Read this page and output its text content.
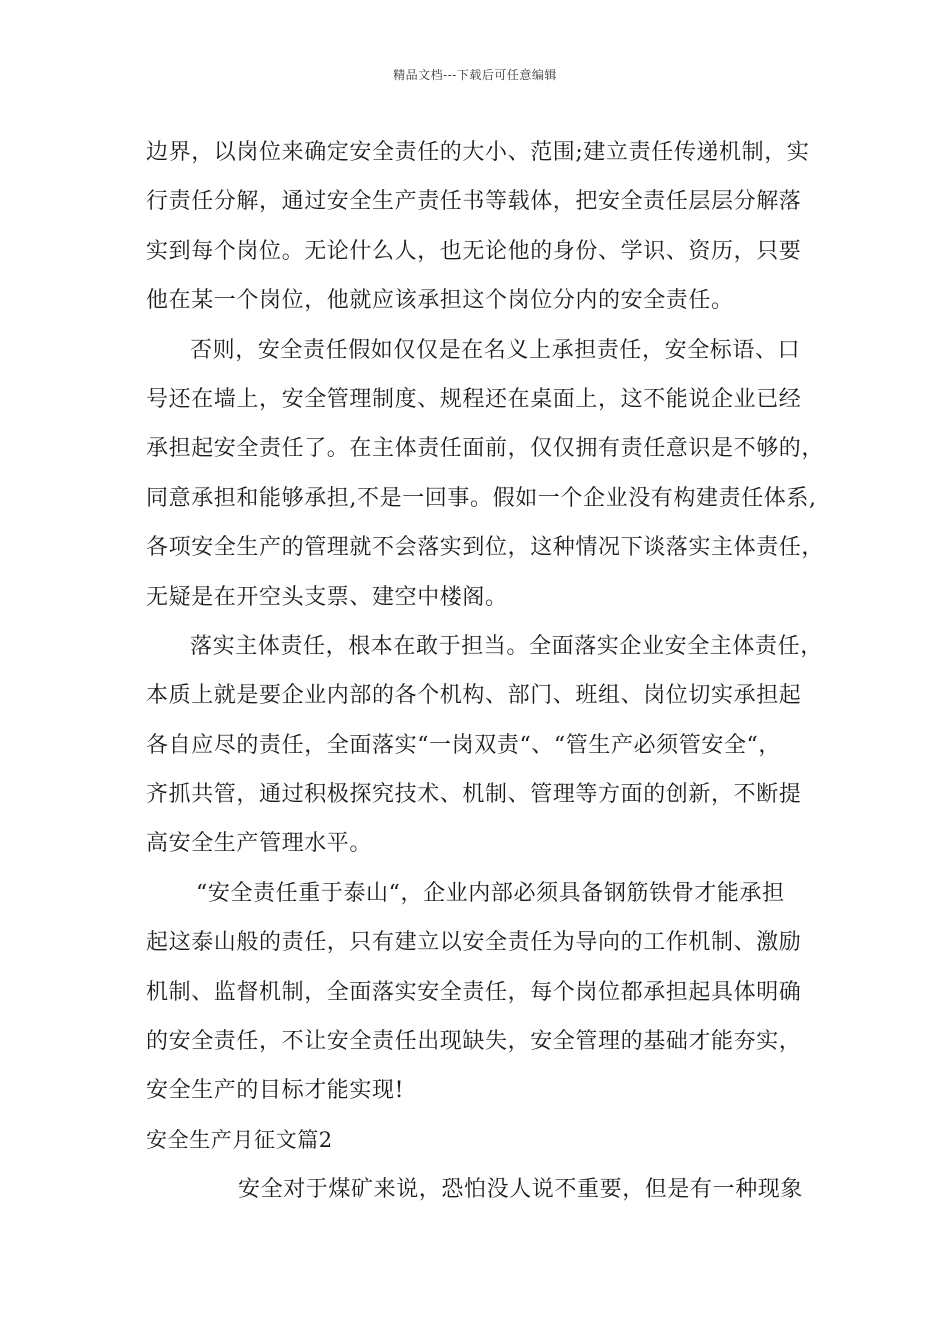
精品文档---下载后可任意编辑
边界，以岗位来确定安全责任的大小、范围;建立责任传递机制，实
行责任分解，通过安全生产责任书等载体，把安全责任层层分解落
实到每个岗位。无论什么人，也无论他的身份、学识、资历，只要
他在某一个岗位，他就应该承担这个岗位分内的安全责任。
否则，安全责任假如仅仅是在名义上承担责任，安全标语、口
号还在墙上，安全管理制度、规程还在桌面上，这不能说企业已经
承担起安全责任了。在主体责任面前，仅仅拥有责任意识是不够的，
同意承担和能够承担,不是一回事。假如一个企业没有构建责任体系,
各项安全生产的管理就不会落实到位，这种情况下谈落实主体责任，
无疑是在开空头支票、建空中楼阁。
落实主体责任，根本在敢于担当。全面落实企业安全主体责任，
本质上就是要企业内部的各个机构、部门、班组、岗位切实承担起
各自应尽的责任，全面落实“一岗双责“、“管生产必须管安全“，
齐抓共管，通过积极探究技术、机制、管理等方面的创新，不断提
高安全生产管理水平。
“安全责任重于泰山“，企业内部必须具备钢筋铁骨才能承担
起这泰山般的责任，只有建立以安全责任为导向的工作机制、激励
机制、监督机制，全面落实安全责任，每个岗位都承担起具体明确
的安全责任，不让安全责任出现缺失，安全管理的基础才能夯实，
安全生产的目标才能实现!
安全生产月征文篇2
安全对于煤矿来说，恐怕没人说不重要，但是有一种现象
